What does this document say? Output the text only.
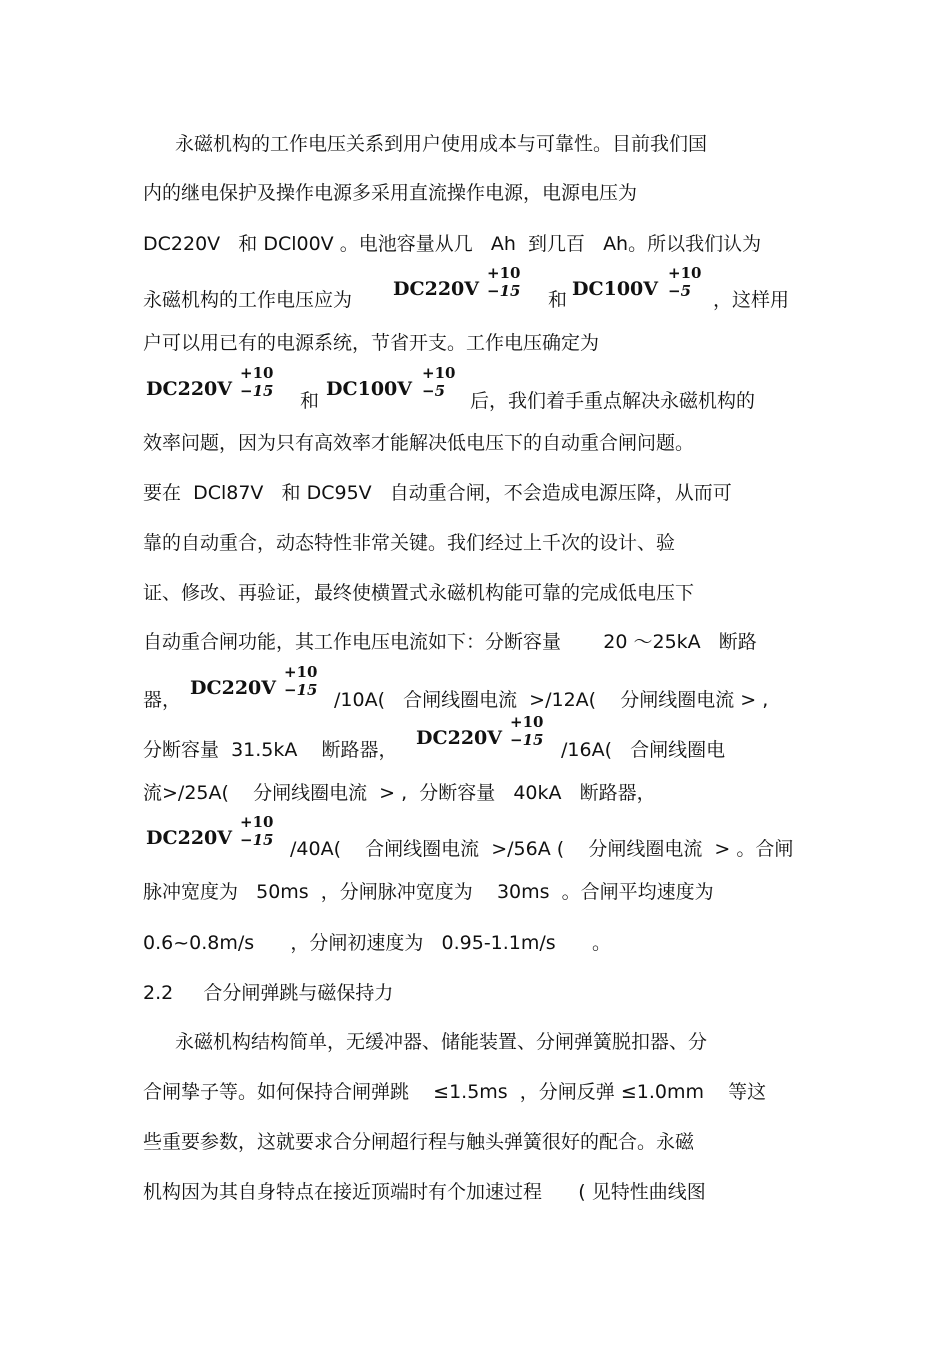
永磁机构的工作电压关系到用户使用成本与可靠性。目前我们国
内的继电保护及操作电源多采用直流操作电源，电源电压为
DC220V   和 DCl00V 。电池容量从几   Ah  到几百   Ah。所以我们认为
永磁机构的工作电压应为 DC220V
+10
−15 和 DC100V
+10
−5 ，这样用
户可以用已有的电源系统，节省开支。工作电压确定为
DC220V
+10
−15 和
DC100V
+10
−5 后，我们着手重点解决永磁机构的
效率问题，因为只有高效率才能解决低电压下的自动重合闸问题。
要在  DCl87V   和 DC95V   自动重合闸，不会造成电源压降，从而可
靠的自动重合，动态特性非常关键。我们经过上千次的设计、验
证、修改、再验证，最终使横置式永磁机构能可靠的完成低电压下
自动重合闸功能，其工作电压电流如下：分断容量       20 ～25kA   断路
器，
DC220V
+10
−15 /10A(   合闸线圈电流  >/12A(    分闸线圈电流 > ,
分断容量  31.5kA    断路器，
DC220V
+10
−15 /16A(   合闸线圈电
流>/25A(    分闸线圈电流  > ,  分断容量   40kA   断路器，
DC220V
+10
−15 /40A(    合闸线圈电流  >/56A (    分闸线圈电流  > 。合闸
脉冲宽度为   50ms  ，分闸脉冲宽度为    30ms  。合闸平均速度为
0.6~0.8m/s      ，分闸初速度为   0.95-1.1m/s      。
2.2     合分闸弹跳与磁保持力
永磁机构结构简单，无缓冲器、储能装置、分闸弹簧脱扣器、分
合闸挚子等。如何保持合闸弹跳    ≤1.5ms  ，分闸反弹 ≤1.0mm    等这
些重要参数，这就要求合分闸超行程与触头弹簧很好的配合。永磁
机构因为其自身特点在接近顶端时有个加速过程      ( 见特性曲线图
